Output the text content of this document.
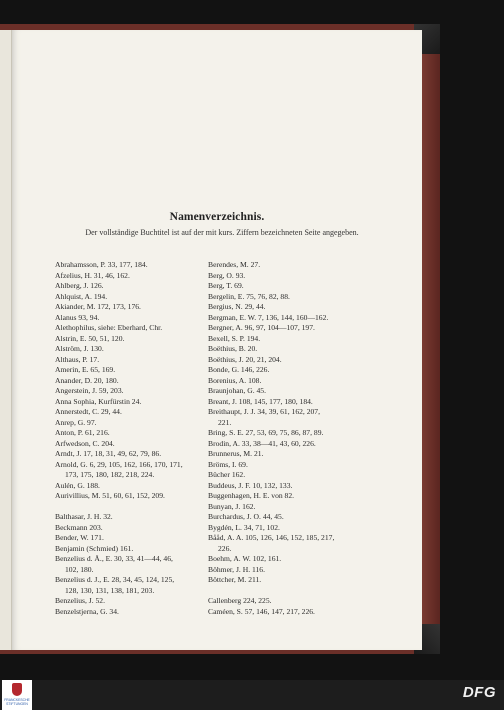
Namenverzeichnis.
Der vollständige Buchtitel ist auf der mit kurs. Ziffern bezeichneten Seite angegeben.
Abrahamsson, P. 33, 177, 184.
Afzelius, H. 31, 46, 162.
Ahlberg, J. 126.
Ahlquist, A. 194.
Akiander, M. 172, 173, 176.
Alanus 93, 94.
Alethophilus, siehe: Eberhard, Chr.
Alstrin, E. 50, 51, 120.
Alström, J. 130.
Althaus, P. 17.
Amerin, E. 65, 169.
Anander, D. 20, 180.
Angerstein, J. 59, 203.
Anna Sophia, Kurfürstin 24.
Annerstedt, C. 29, 44.
Anrep, G. 97.
Anton, P. 61, 216.
Arfwedson, C. 204.
Arndt, J. 17, 18, 31, 49, 62, 79, 86.
Arnold, G. 6, 29, 105, 162, 166, 170, 171,
173, 175, 180, 182, 218, 224.
Aulén, G. 188.
Aurivillius, M. 51, 60, 61, 152, 209.
Balthasar, J. H. 32.
Beckmann 203.
Bender, W. 171.
Benjamin (Schmied) 161.
Benzelius d. Ä., E. 30, 33, 41—44, 46,
102, 180.
Benzelius d. J., E. 28, 34, 45, 124, 125,
128, 130, 131, 138, 181, 203.
Benzelius, J. 52.
Benzelstjerna, G. 34.
Berendes, M. 27.
Berg, O. 93.
Berg, T. 69.
Bergelin, E. 75, 76, 82, 88.
Bergius, N. 29, 44.
Bergman, E. W. 7, 136, 144, 160—162.
Bergner, A. 96, 97, 104—107, 197.
Bexell, S. P. 194.
Boëthius, B. 20.
Boëthius, J. 20, 21, 204.
Bonde, G. 146, 226.
Borenius, A. 108.
Braunjohan, G. 45.
Breant, J. 108, 145, 177, 180, 184.
Breithaupt, J. J. 34, 39, 61, 162, 207,
221.
Bring, S. E. 27, 53, 69, 75, 86, 87, 89.
Brodin, A. 33, 38—41, 43, 60, 226.
Brunnerus, M. 21.
Bröms, I. 69.
Bücher 162.
Buddeus, J. F. 10, 132, 133.
Buggenhagen, H. E. von 82.
Bunyan, J. 162.
Burchardus, J. O. 44, 45.
Bygdén, L. 34, 71, 102.
Bååd, A. A. 105, 126, 146, 152, 185, 217,
226.
Boehm, A. W. 102, 161.
Böhmer, J. H. 116.
Böttcher, M. 211.
Callenberg 224, 225.
Caméen, S. 57, 146, 147, 217, 226.
FRANCKESCHE STIFTUNGEN
DFG
